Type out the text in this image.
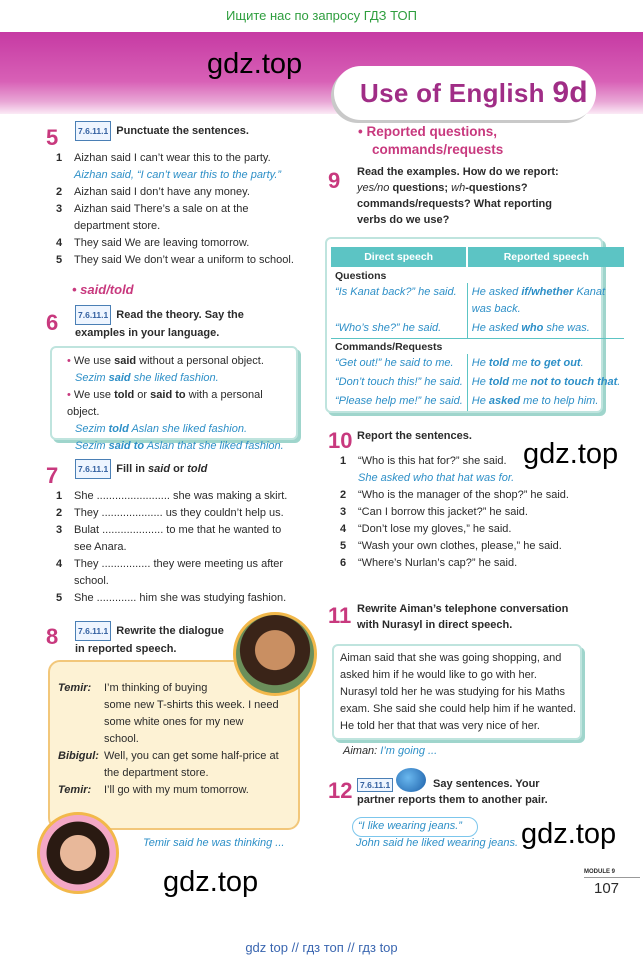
Ищите нас по запросу ГДЗ ТОП
Use of English 9d
gdz.top
gdz.top
gdz.top
gdz.top
5	7.6.11.1 Punctuate the sentences.
1 Aizhan said I can’t wear this to the party.
Aizhan said, “I can’t wear this to the party.”
2 Aizhan said I don’t have any money.
3 Aizhan said There’s a sale on at the
department store.
4 They said We are leaving tomorrow.
5 They said We don’t wear a uniform to school.
• said/told
6	7.6.11.1 Read the theory. Say the
examples in your language.
• We use said without a personal object.
Sezim said she liked fashion.
• We use told or said to with a personal object.
Sezim told Aslan she liked fashion.
Sezim said to Aslan that she liked fashion.
7	7.6.11.1 Fill in said or told
1 She ........................ she was making a skirt.
2 They .................... us they couldn’t help us.
3 Bulat .................... to me that he wanted to
see Anara.
4 They ................ they were meeting us after
school.
5 She ............. him she was studying fashion.
8	7.6.11.1 Rewrite the dialogue
in reported speech.
Temir:	I’m thinking of buying
some new T-shirts this week. I need
some white ones for my new
school.
Bibigul: Well, you can get some half-price at
the department store.
Temir:	I’ll go with my mum tomorrow.
Temir said he was thinking ...
• Reported questions,
commands/requests
9 Read the examples. How do we report:
yes/no questions; wh-questions?
commands/requests? What reporting
verbs do we use?
Direct speech	Reported speech
Questions	
“Is Kanat back?” he said.	He asked if/whether Kanat
was back.
“Who’s she?” he said.	He asked who she was.
Commands/Requests	
“Get out!” he said to me.	He told me to get out.
“Don’t touch this!” he said.	He told me not to touch that.
“Please help me!” he said.	He asked me to help him.
10 Report the sentences.
1 “Who is this hat for?” she said.
She asked who that hat was for.
2 “Who is the manager of the shop?” he said.
3 “Can I borrow this jacket?” he said.
4 “Don’t lose my gloves,” he said.
5 “Wash your own clothes, please,” he said.
6 “Where’s Nurlan’s cap?” he said.
11 Rewrite Aiman’s telephone conversation
with Nurasyl in direct speech.
Aiman said that she was going shopping, and
asked him if he would like to go with her.
Nurasyl told her he was studying for his Maths
exam. She said she could help him if he wanted.
He told her that that was very nice of her.
Aiman: I’m going ...
12 7.6.11.1	Say sentences. Your
partner reports them to another pair.
“I like wearing jeans.”
John said he liked wearing jeans.
MODULE 9
107
gdz top // гдз топ // гдз top
